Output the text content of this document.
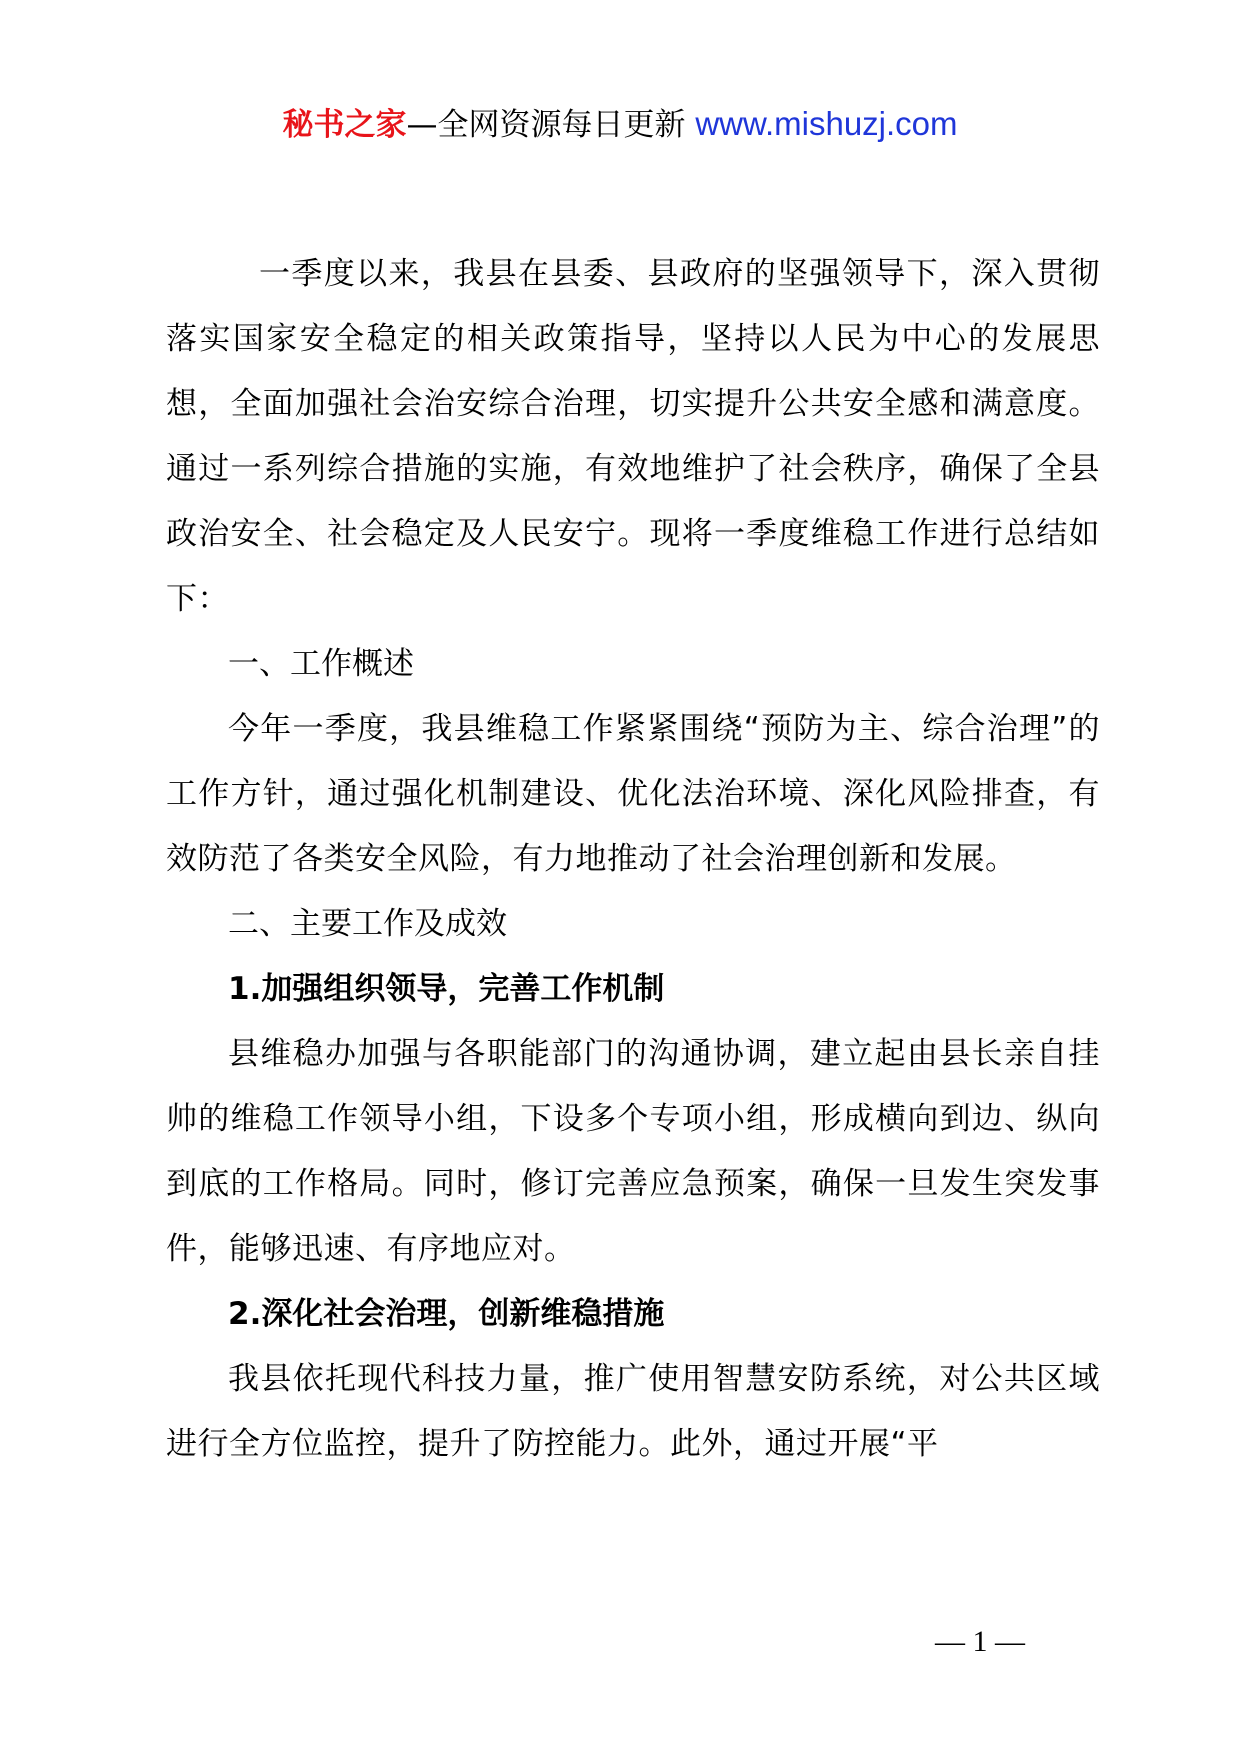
秘书之家—全网资源每日更新 www.mishuzj.com

一季度以来，我县在县委、县政府的坚强领导下，深入贯彻落实国家安全稳定的相关政策指导，坚持以人民为中心的发展思想，全面加强社会治安综合治理，切实提升公共安全感和满意度。通过一系列综合措施的实施，有效地维护了社会秩序，确保了全县政治安全、社会稳定及人民安宁。现将一季度维稳工作进行总结如下：

一、工作概述

今年一季度，我县维稳工作紧紧围绕“预防为主、综合治理”的工作方针，通过强化机制建设、优化法治环境、深化风险排查，有效防范了各类安全风险，有力地推动了社会治理创新和发展。

二、主要工作及成效

1.加强组织领导，完善工作机制

县维稳办加强与各职能部门的沟通协调，建立起由县长亲自挂帅的维稳工作领导小组，下设多个专项小组，形成横向到边、纵向到底的工作格局。同时，修订完善应急预案，确保一旦发生突发事件，能够迅速、有序地应对。

2.深化社会治理，创新维稳措施

我县依托现代科技力量，推广使用智慧安防系统，对公共区域进行全方位监控，提升了防控能力。此外，通过开展“平

— 1 —
